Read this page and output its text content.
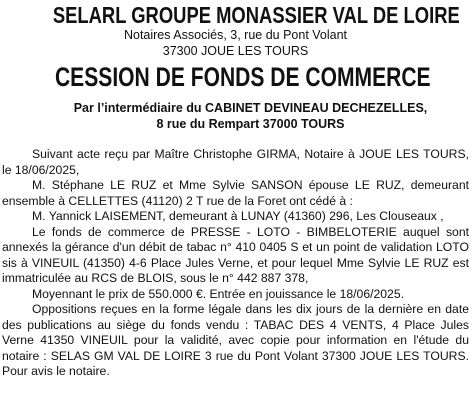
SELARL GROUPE MONASSIER VAL DE LOIRE
Notaires Associés, 3, rue du Pont Volant
37300 JOUE LES TOURS
CESSION DE FONDS DE COMMERCE
Par l’intermédiaire du CABINET DEVINEAU DECHEZELLES,
8 rue du Rempart 37000 TOURS

Suivant acte reçu par Maître Christophe GIRMA, Notaire à JOUE LES TOURS, le 18/06/2025,

M. Stéphane LE RUZ et Mme Sylvie SANSON épouse LE RUZ, demeurant ensemble à CELLETTES (41120) 2 T rue de la Foret ont cédé à :

M. Yannick LAISEMENT, demeurant à LUNAY (41360) 296, Les Clouseaux ,

Le fonds de commerce de PRESSE - LOTO - BIMBELOTERIE auquel sont annexés la gérance d'un débit de tabac n° 410 0405 S et un point de validation LOTO sis à VINEUIL (41350) 4-6 Place Jules Verne, et pour lequel Mme Sylvie LE RUZ est immatriculée au RCS de BLOIS, sous le n° 442 887 378,

Moyennant le prix de 550.000 €. Entrée en jouissance le 18/06/2025.

Oppositions reçues en la forme légale dans les dix jours de la dernière en date des publications au siège du fonds vendu : TABAC DES 4 VENTS, 4 Place Jules Verne 41350 VINEUIL pour la validité, avec copie pour information en l'étude du notaire : SELAS GM VAL DE LOIRE 3 rue du Pont Volant 37300 JOUE LES TOURS. Pour avis le notaire.
